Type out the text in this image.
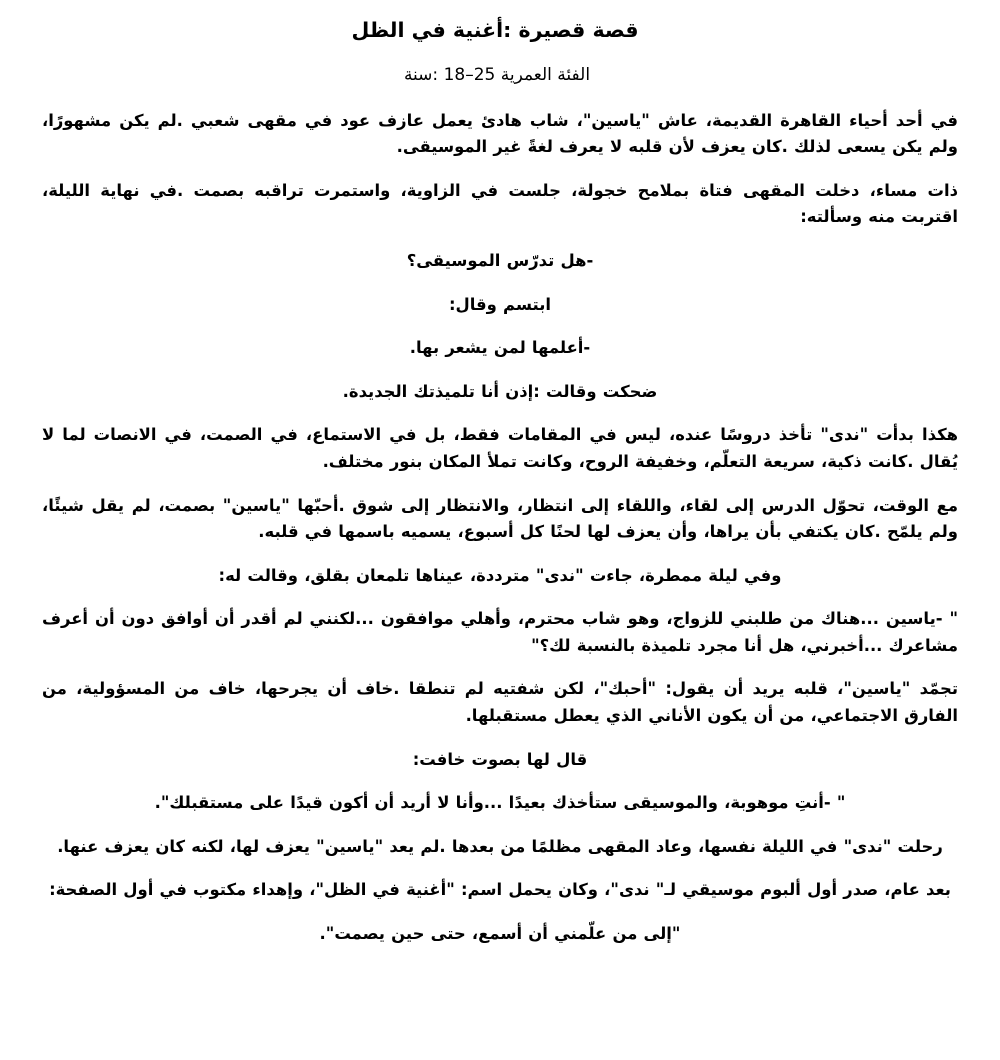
قصة قصيرة :أغنية في الظل
الفئة العمرية 25–18 :سنة

في أحد أحياء القاهرة القديمة، عاش "ياسين"، شاب هادئ يعمل عازف عود في مقهى شعبي .لم يكن مشهورًا، ولم يكن يسعى لذلك .كان يعزف لأن قلبه لا يعرف لغةً غير الموسيقى.

ذات مساء، دخلت المقهى فتاة بملامح خجولة، جلست في الزاوية، واستمرت تراقبه بصمت .في نهاية الليلة، اقتربت منه وسألته:

-هل تدرّس الموسيقى؟

ابتسم وقال:

-أعلمها لمن يشعر بها.

ضحكت وقالت :إذن أنا تلميذتك الجديدة.

هكذا بدأت "ندى" تأخذ دروسًا عنده، ليس في المقامات فقط، بل في الاستماع، في الصمت، في الانصات لما لا يُقال .كانت ذكية، سريعة التعلّم، وخفيفة الروح، وكانت تملأ المكان بنور مختلف.

مع الوقت، تحوّل الدرس إلى لقاء، واللقاء إلى انتظار، والانتظار إلى شوق .أحبّها "ياسين" بصمت، لم يقل شيئًا، ولم يلمّح .كان يكتفي بأن يراها، وأن يعزف لها لحنًا كل أسبوع، يسميه باسمها في قلبه.

وفي ليلة ممطرة، جاءت "ندى" مترددة، عيناها تلمعان بقلق، وقالت له:

" -ياسين ...هناك من طلبني للزواج، وهو شاب محترم، وأهلي موافقون ...لكنني لم أقدر أن أوافق دون أن أعرف مشاعرك ...أخبرني، هل أنا مجرد تلميذة بالنسبة لك؟"

تجمّد "ياسين"، قلبه يريد أن يقول: "أحبك"، لكن شفتيه لم تنطقا .خاف أن يجرحها، خاف من المسؤولية، من الفارق الاجتماعي، من أن يكون الأناني الذي يعطل مستقبلها.

قال لها بصوت خافت:

" -أنتِ موهوبة، والموسيقى ستأخذك بعيدًا ...وأنا لا أريد أن أكون قيدًا على مستقبلك".

رحلت "ندى" في الليلة نفسها، وعاد المقهى مظلمًا من بعدها .لم يعد "ياسين" يعزف لها، لكنه كان يعزف عنها.

بعد عام، صدر أول ألبوم موسيقي لـ" ندى"، وكان يحمل اسم: "أغنية في الظل"، وإهداء مكتوب في أول الصفحة:

"إلى من علّمني أن أسمع، حتى حين يصمت".
